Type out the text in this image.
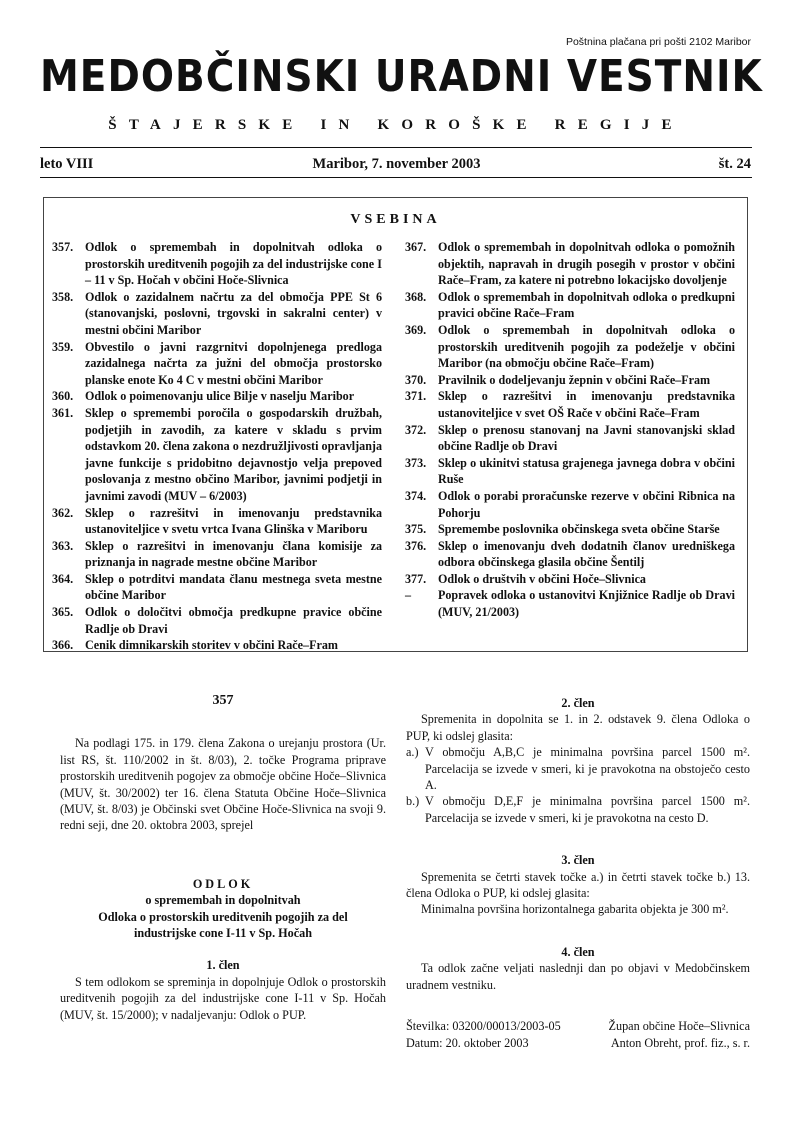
Poštnina plačana pri pošti 2102 Maribor
MEDOBČINSKI URADNI VESTNIK
ŠTAJERSKE IN KOROŠKE REGIJE
leto VIII	Maribor, 7. november 2003	št. 24
VSEBINA
357. Odlok o spremembah in dopolnitvah odloka o prostorskih ureditvenih pogojih za del industrijske cone I – 11 v Sp. Hočah v občini Hoče-Slivnica
358. Odlok o zazidalnem načrtu za del območja PPE St 6 (stanovanjski, poslovni, trgovski in sakralni center) v mestni občini Maribor
359. Obvestilo o javni razgrnitvi dopolnjenega predloga zazidalnega načrta za južni del območja prostorsko planske enote Ko 4 C v mestni občini Maribor
360. Odlok o poimenovanju ulice Bilje v naselju Maribor
361. Sklep o spremembi poročila o gospodarskih družbah, podjetjih in zavodih, za katere v skladu s prvim odstavkom 20. člena zakona o nezdružljivosti opravljanja javne funkcije s pridobitno dejavnostjo velja prepoved poslovanja z mestno občino Maribor, javnimi podjetji in javnimi zavodi (MUV – 6/2003)
362. Sklep o razrešitvi in imenovanju predstavnika ustanoviteljice v svetu vrtca Ivana Glinška v Mariboru
363. Sklep o razrešitvi in imenovanju člana komisije za priznanja in nagrade mestne občine Maribor
364. Sklep o potrditvi mandata članu mestnega sveta mestne občine Maribor
365. Odlok o določitvi območja predkupne pravice občine Radlje ob Dravi
366. Cenik dimnikarskih storitev v občini Rače–Fram
367. Odlok o spremembah in dopolnitvah odloka o pomožnih objektih, napravah in drugih posegih v prostor v občini Rače–Fram, za katere ni potrebno lokacijsko dovoljenje
368. Odlok o spremembah in dopolnitvah odloka o predkupni pravici občine Rače–Fram
369. Odlok o spremembah in dopolnitvah odloka o prostorskih ureditvenih pogojih za podeželje v občini Maribor (na območju občine Rače–Fram)
370. Pravilnik o dodeljevanju žepnin v občini Rače–Fram
371. Sklep o razrešitvi in imenovanju predstavnika ustanoviteljice v svet OŠ Rače v občini Rače–Fram
372. Sklep o prenosu stanovanj na Javni stanovanjski sklad občine Radlje ob Dravi
373. Sklep o ukinitvi statusa grajenega javnega dobra v občini Ruše
374. Odlok o porabi proračunske rezerve v občini Ribnica na Pohorju
375. Spremembe poslovnika občinskega sveta občine Starše
376. Sklep o imenovanju dveh dodatnih članov uredniškega odbora občinskega glasila občine Šentilj
377. Odlok o društvih v občini Hoče–Slivnica
–	Popravek odloka o ustanovitvi Knjižnice Radlje ob Dravi (MUV, 21/2003)

357

Na podlagi 175. in 179. člena Zakona o urejanju prostora (Ur. list RS, št. 110/2002 in št. 8/03), 2. točke Programa priprave prostorskih ureditvenih pogojev za območje občine Hoče–Slivnica (MUV, št. 30/2002) ter 16. člena Statuta Občine Hoče–Slivnica (MUV, št. 8/03) je Občinski svet Občine Hoče-Slivnica na svoji 9. redni seji, dne 20. oktobra 2003, sprejel

ODLOK

o spremembah in dopolnitvah

Odloka o prostorskih ureditvenih pogojih za del industrijske cone I-11 v Sp. Hočah

1. člen

S tem odlokom se spreminja in dopolnjuje Odlok o prostorskih ureditvenih pogojih za del industrijske cone I-11 v Sp. Hočah (MUV, št. 15/2000); v nadaljevanju: Odlok o PUP.

2. člen

Spremenita in dopolnita se 1. in 2. odstavek 9. člena Odloka o PUP, ki odslej glasita:

a.) V območju A,B,C je minimalna površina parcel 1500 m². Parcelacija se izvede v smeri, ki je pravokotna na obstoječo cesto A.
b.) V območju D,E,F je minimalna površina parcel 1500 m². Parcelacija se izvede v smeri, ki je pravokotna na cesto D.

3. člen

Spremenita se četrti stavek točke a.) in četrti stavek točke b.) 13. člena Odloka o PUP, ki odslej glasita:

Minimalna površina horizontalnega gabarita objekta je 300 m².

4. člen

Ta odlok začne veljati naslednji dan po objavi v Medobčinskem uradnem vestniku.

Številka: 03200/00013/2003-05	Župan občine Hoče–Slivnica
Datum: 20. oktober 2003	Anton Obreht, prof. fiz., s. r.
